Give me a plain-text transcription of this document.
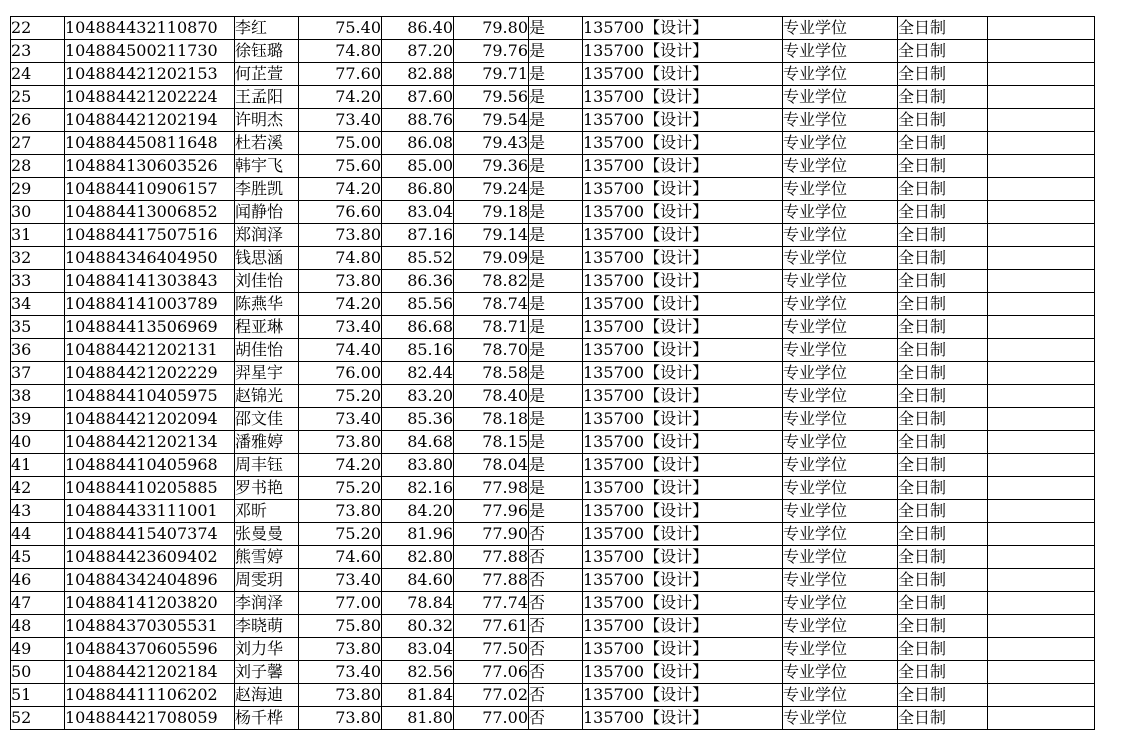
22	104884432110870	李红	75.40	86.40	79.80	是	135700【设计】	专业学位	全日制	
23	104884500211730	徐钰璐	74.80	87.20	79.76	是	135700【设计】	专业学位	全日制	
24	104884421202153	何芷萱	77.60	82.88	79.71	是	135700【设计】	专业学位	全日制	
25	104884421202224	王孟阳	74.20	87.60	79.56	是	135700【设计】	专业学位	全日制	
26	104884421202194	许明杰	73.40	88.76	79.54	是	135700【设计】	专业学位	全日制	
27	104884450811648	杜若溪	75.00	86.08	79.43	是	135700【设计】	专业学位	全日制	
28	104884130603526	韩宇飞	75.60	85.00	79.36	是	135700【设计】	专业学位	全日制	
29	104884410906157	李胜凯	74.20	86.80	79.24	是	135700【设计】	专业学位	全日制	
30	104884413006852	闻静怡	76.60	83.04	79.18	是	135700【设计】	专业学位	全日制	
31	104884417507516	郑润泽	73.80	87.16	79.14	是	135700【设计】	专业学位	全日制	
32	104884346404950	钱思涵	74.80	85.52	79.09	是	135700【设计】	专业学位	全日制	
33	104884141303843	刘佳怡	73.80	86.36	78.82	是	135700【设计】	专业学位	全日制	
34	104884141003789	陈燕华	74.20	85.56	78.74	是	135700【设计】	专业学位	全日制	
35	104884413506969	程亚琳	73.40	86.68	78.71	是	135700【设计】	专业学位	全日制	
36	104884421202131	胡佳怡	74.40	85.16	78.70	是	135700【设计】	专业学位	全日制	
37	104884421202229	羿星宇	76.00	82.44	78.58	是	135700【设计】	专业学位	全日制	
38	104884410405975	赵锦光	75.20	83.20	78.40	是	135700【设计】	专业学位	全日制	
39	104884421202094	邵文佳	73.40	85.36	78.18	是	135700【设计】	专业学位	全日制	
40	104884421202134	潘雅婷	73.80	84.68	78.15	是	135700【设计】	专业学位	全日制	
41	104884410405968	周丰钰	74.20	83.80	78.04	是	135700【设计】	专业学位	全日制	
42	104884410205885	罗书艳	75.20	82.16	77.98	是	135700【设计】	专业学位	全日制	
43	104884433111001	邓昕	73.80	84.20	77.96	是	135700【设计】	专业学位	全日制	
44	104884415407374	张曼曼	75.20	81.96	77.90	否	135700【设计】	专业学位	全日制	
45	104884423609402	熊雪婷	74.60	82.80	77.88	否	135700【设计】	专业学位	全日制	
46	104884342404896	周雯玥	73.40	84.60	77.88	否	135700【设计】	专业学位	全日制	
47	104884141203820	李润泽	77.00	78.84	77.74	否	135700【设计】	专业学位	全日制	
48	104884370305531	李晓萌	75.80	80.32	77.61	否	135700【设计】	专业学位	全日制	
49	104884370605596	刘力华	73.80	83.04	77.50	否	135700【设计】	专业学位	全日制	
50	104884421202184	刘子馨	73.40	82.56	77.06	否	135700【设计】	专业学位	全日制	
51	104884411106202	赵海迪	73.80	81.84	77.02	否	135700【设计】	专业学位	全日制	
52	104884421708059	杨千桦	73.80	81.80	77.00	否	135700【设计】	专业学位	全日制	
